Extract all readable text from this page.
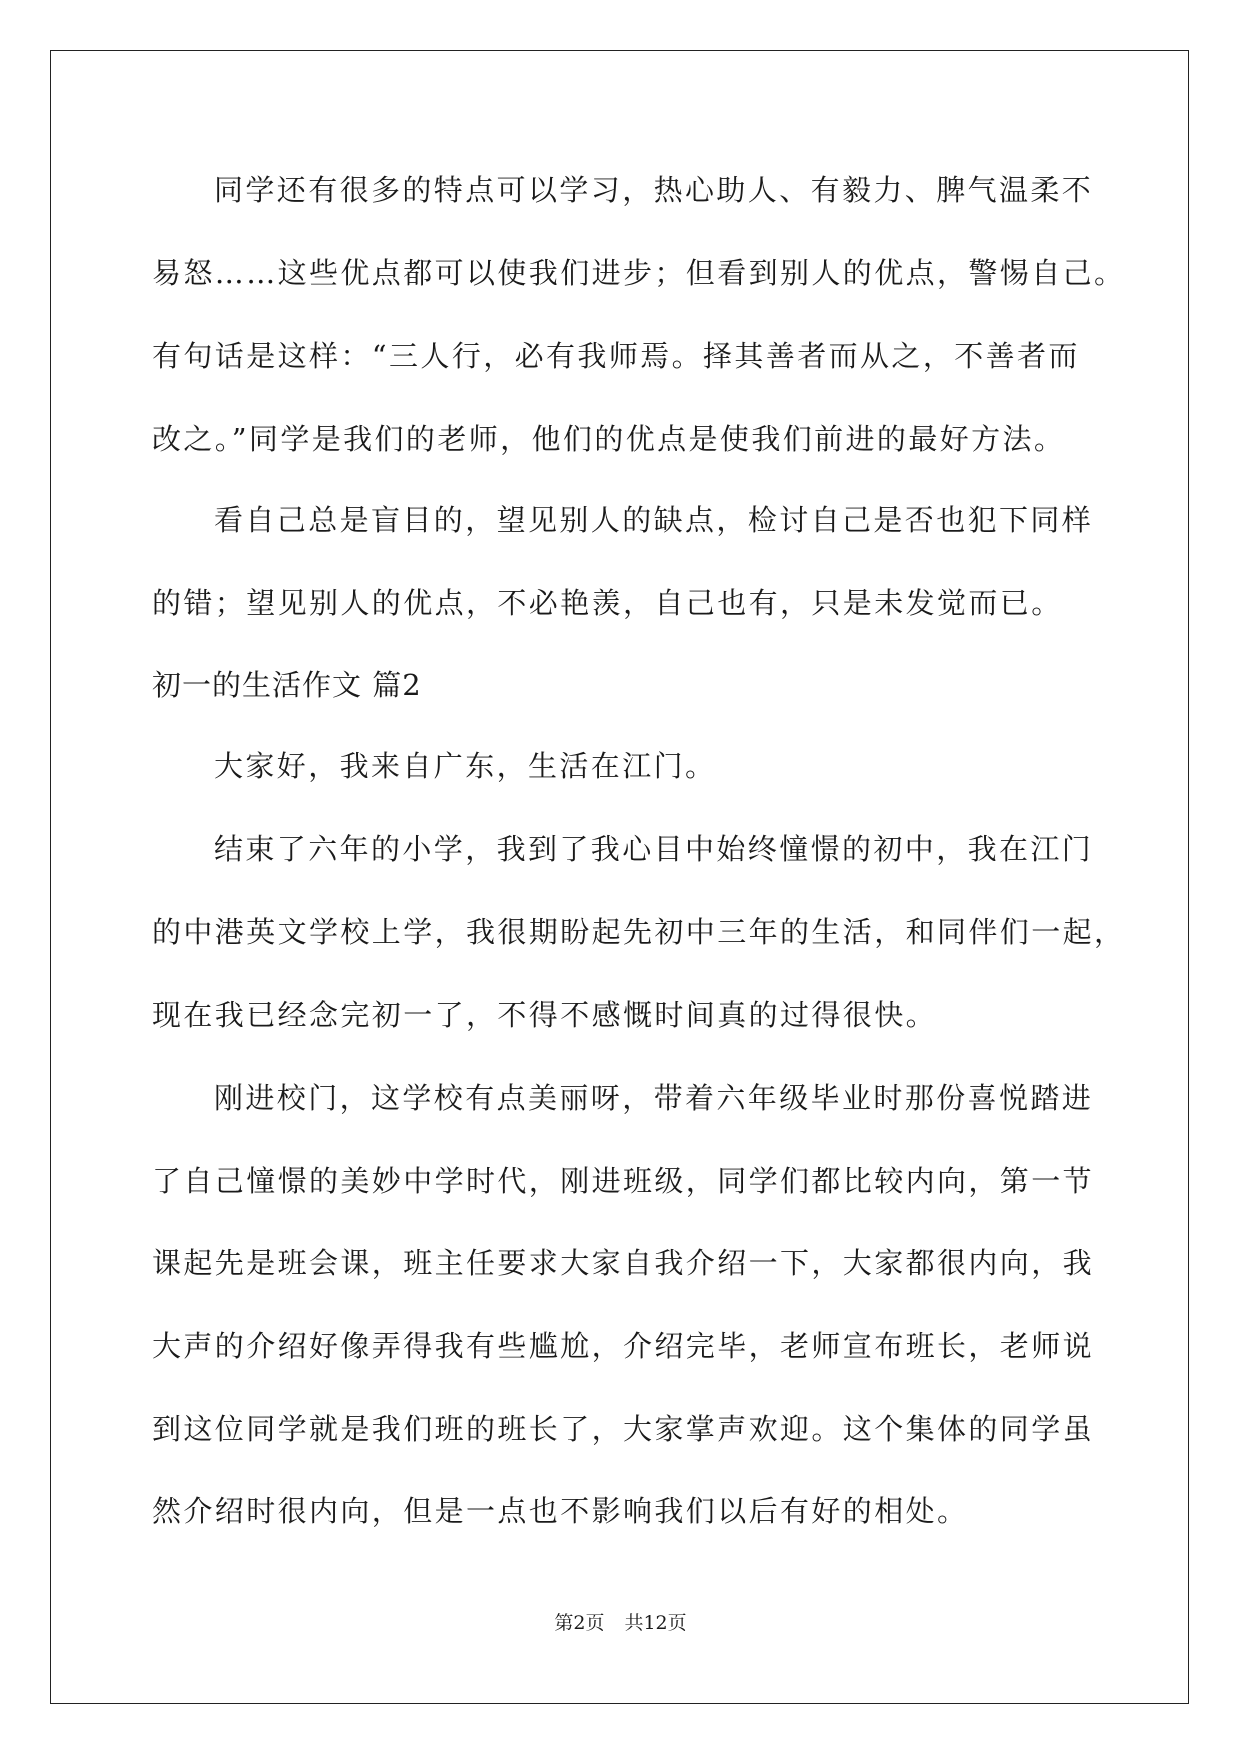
同学还有很多的特点可以学习，热心助人、有毅力、脾气温柔不
易怒……这些优点都可以使我们进步；但看到别人的优点，警惕自己。
有句话是这样：“三人行，必有我师焉。择其善者而从之，不善者而
改之。”同学是我们的老师，他们的优点是使我们前进的最好方法。
看自己总是盲目的，望见别人的缺点，检讨自己是否也犯下同样
的错；望见别人的优点，不必艳羡，自己也有，只是未发觉而已。
初一的生活作文 篇2
大家好，我来自广东，生活在江门。
结束了六年的小学，我到了我心目中始终憧憬的初中，我在江门
的中港英文学校上学，我很期盼起先初中三年的生活，和同伴们一起，
现在我已经念完初一了，不得不感慨时间真的过得很快。
刚进校门，这学校有点美丽呀，带着六年级毕业时那份喜悦踏进
了自己憧憬的美妙中学时代，刚进班级，同学们都比较内向，第一节
课起先是班会课，班主任要求大家自我介绍一下，大家都很内向，我
大声的介绍好像弄得我有些尴尬，介绍完毕，老师宣布班长，老师说
到这位同学就是我们班的班长了，大家掌声欢迎。这个集体的同学虽
然介绍时很内向，但是一点也不影响我们以后有好的相处。
第2页 共12页
